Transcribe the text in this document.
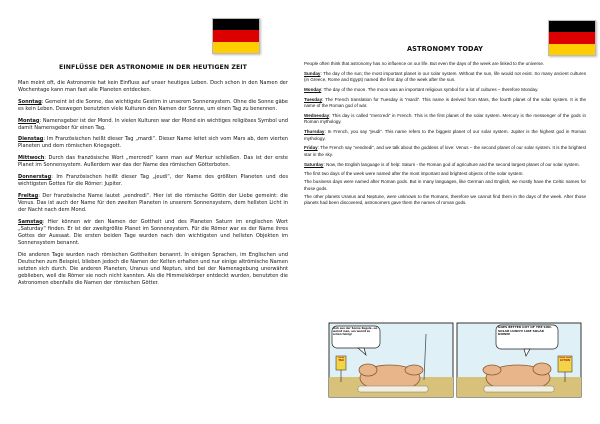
EINFLÜSSE DER ASTRONOMIE IN DER HEUTIGEN ZEIT

Man meint oft, die Astronomie hat kein Einfluss auf unser heutiges Leben. Doch schon in den Namen der Wochentage kann man fast alle Planeten entdecken.

Sonntag: Gemeint ist die Sonne, das wichtigste Gestirn in unserem Sonnensystem. Ohne die Sonne gäbe es kein Leben. Deswegen benutzten viele Kulturen den Namen der Sonne, um einen Tag zu benennen.

Montag: Namensgeber ist der Mond. In vielen Kulturen war der Mond ein wichtiges religiöses Symbol und damit Namensgeber für einen Tag.

Dienstag: Im Französischen heißt dieser Tag „mardi“. Dieser Name leitet sich vom Mars ab, dem vierten Planeten und dem römischen Kriegsgott.

Mittwoch: Durch das französische Wort „mercredi“ kann man auf Merkur schließen. Das ist der erste Planet im Sonnensystem. Außerdem war das der Name des römischen Götterboten.

Donnerstag: Im Französischen heißt dieser Tag „jeudi“, der Name des größten Planeten und des wichtigsten Gottes für die Römer: Jupiter.

Freitag: Der französische Name lautet „vendredi“. Hier ist die römische Göttin der Liebe gemeint: die Venus. Das ist auch der Name für den zweiten Planeten in unserem Sonnensystem, dem hellsten Licht in der Nacht nach dem Mond.

Samstag: Hier können wir den Namen der Gottheit und des Planeten Saturn im englischen Wort „Saturday“ finden. Er ist der zweitgrößte Planet im Sonnensystem. Für die Römer war es der Name ihres Gottes der Aussaat. Die ersten beiden Tage wurden nach den wichtigsten und hellsten Objekten im Sonnensystem benannt.

Die anderen Tage wurden nach römischen Gottheiten benannt. In einigen Sprachen, im Englischen und Deutschen zum Beispiel, blieben jedoch die Namen der Kelten erhalten und nur einige altrömische Namen setzten sich durch. Die anderen Planeten, Uranus und Neptun, sind bei der Namensgebung unerwähnt geblieben, weil die Römer sie noch nicht kannten. Als die Himmelskörper entdeckt wurden, benutzten die Astronomen ebenfalls die Namen der römischen Götter.

ASTRONOMY TODAY

People often think that astronomy has no influence on our life. But even the days of the week are linked to the universe.

Sunday: The day of the sun; the most important planet in our solar system. Without the sun, life would not exist. So many ancient cultures (in Greece, Rome and Egypt) named the first day of the week after the sun.

Monday: The day of the moon. The moon was an important religious symbol for a lot of cultures – therefore Monday.

Tuesday: The French translation for Tuesday is “mardi”. This name is derived from Mars, the fourth planet of the solar system. It is the name of the Roman god of war.

Wednesday: This day is called “mercredi” in French. This is the first planet of the solar system. Mercury is the messenger of the gods in Roman mythology.

Thursday: In French, you say “jeudi”. This name refers to the biggest planet of our solar system. Jupiter is the highest god in Roman mythology.

Friday: The French say “vendredi”, and we talk about the goddess of love: Venus – the second planet of our solar system. It is the brightest star in the sky.

Saturday: Now, the English language is of help: Saturn - the Roman god of agriculture and the second largest planet of our solar system.

The first two days of the week were named after the most important and brightest objects of the solar system.

The business days were named after Roman gods. But in many languages, like German and English, we mostly have the Celtic names for those gods.

The other planets Uranus and Neptune, were unknown to the Romans, therefore we cannot find them in the days of the week. After those planets had been discovered, astronomers gave them the names of roman gods.

Ooh aus der Sonne Kegels…so wohnt man, um warmt zu schön feinig!
GOES BETTER OUT OF THE SUN. SOLAR LUNCH! LIKE SOLAR DOWN!
SUN TAN
SUN TAN LOTION
